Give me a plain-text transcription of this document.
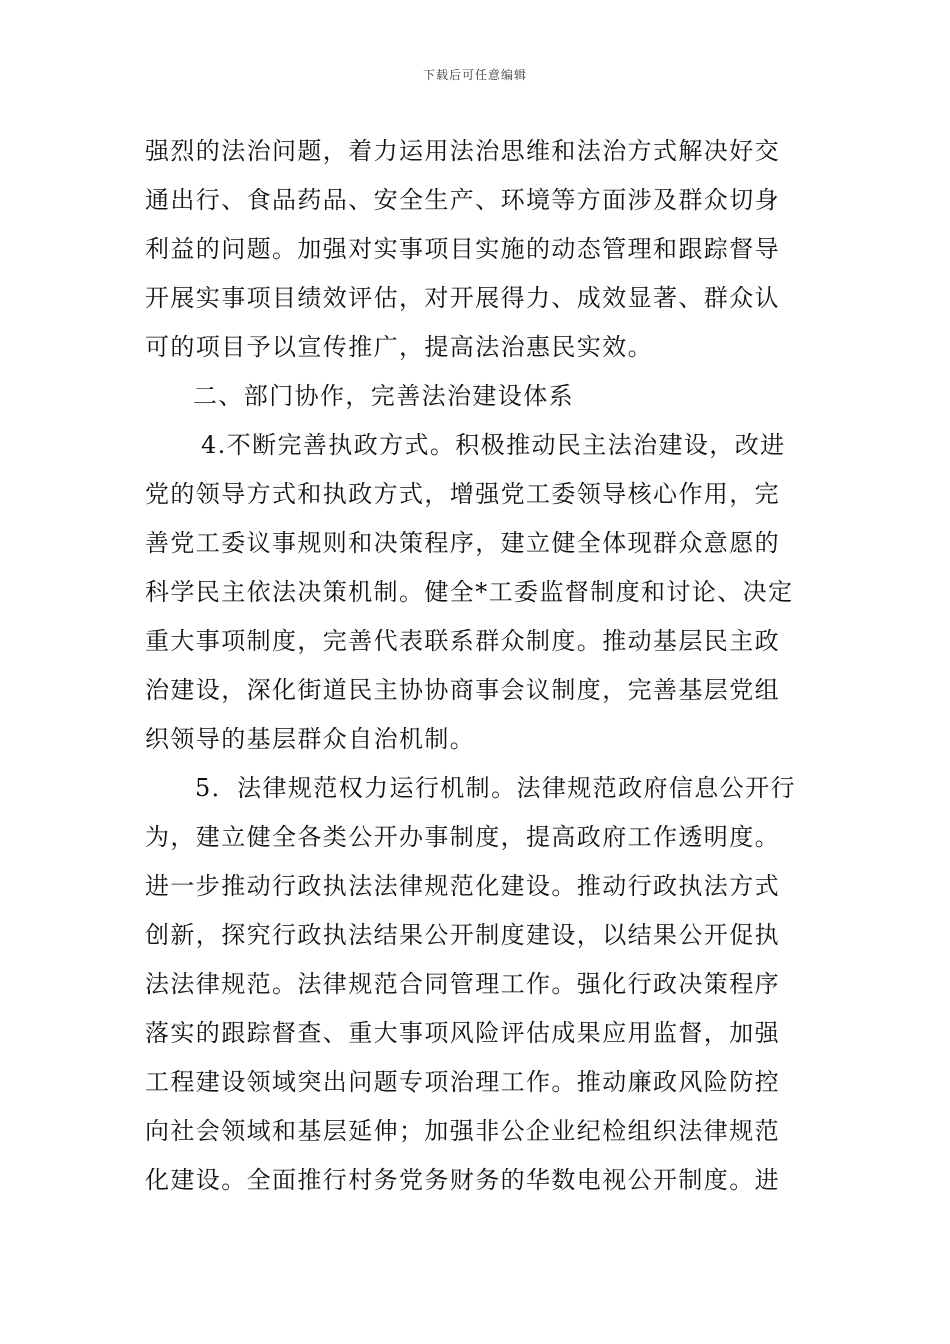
下载后可任意编辑
强烈的法治问题，着力运用法治思维和法治方式解决好交
通出行、食品药品、安全生产、环境等方面涉及群众切身
利益的问题。加强对实事项目实施的动态管理和跟踪督导
开展实事项目绩效评估，对开展得力、成效显著、群众认
可的项目予以宣传推广，提高法治惠民实效。
二、部门协作，完善法治建设体系
4.不断完善执政方式。积极推动民主法治建设，改进
党的领导方式和执政方式，增强党工委领导核心作用，完
善党工委议事规则和决策程序，建立健全体现群众意愿的
科学民主依法决策机制。健全*工委监督制度和讨论、决定
重大事项制度，完善代表联系群众制度。推动基层民主政
治建设，深化街道民主协协商事会议制度，完善基层党组
织领导的基层群众自治机制。
5．法律规范权力运行机制。法律规范政府信息公开行
为，建立健全各类公开办事制度，提高政府工作透明度。
进一步推动行政执法法律规范化建设。推动行政执法方式
创新，探究行政执法结果公开制度建设，以结果公开促执
法法律规范。法律规范合同管理工作。强化行政决策程序
落实的跟踪督查、重大事项风险评估成果应用监督，加强
工程建设领域突出问题专项治理工作。推动廉政风险防控
向社会领域和基层延伸；加强非公企业纪检组织法律规范
化建设。全面推行村务党务财务的华数电视公开制度。进
